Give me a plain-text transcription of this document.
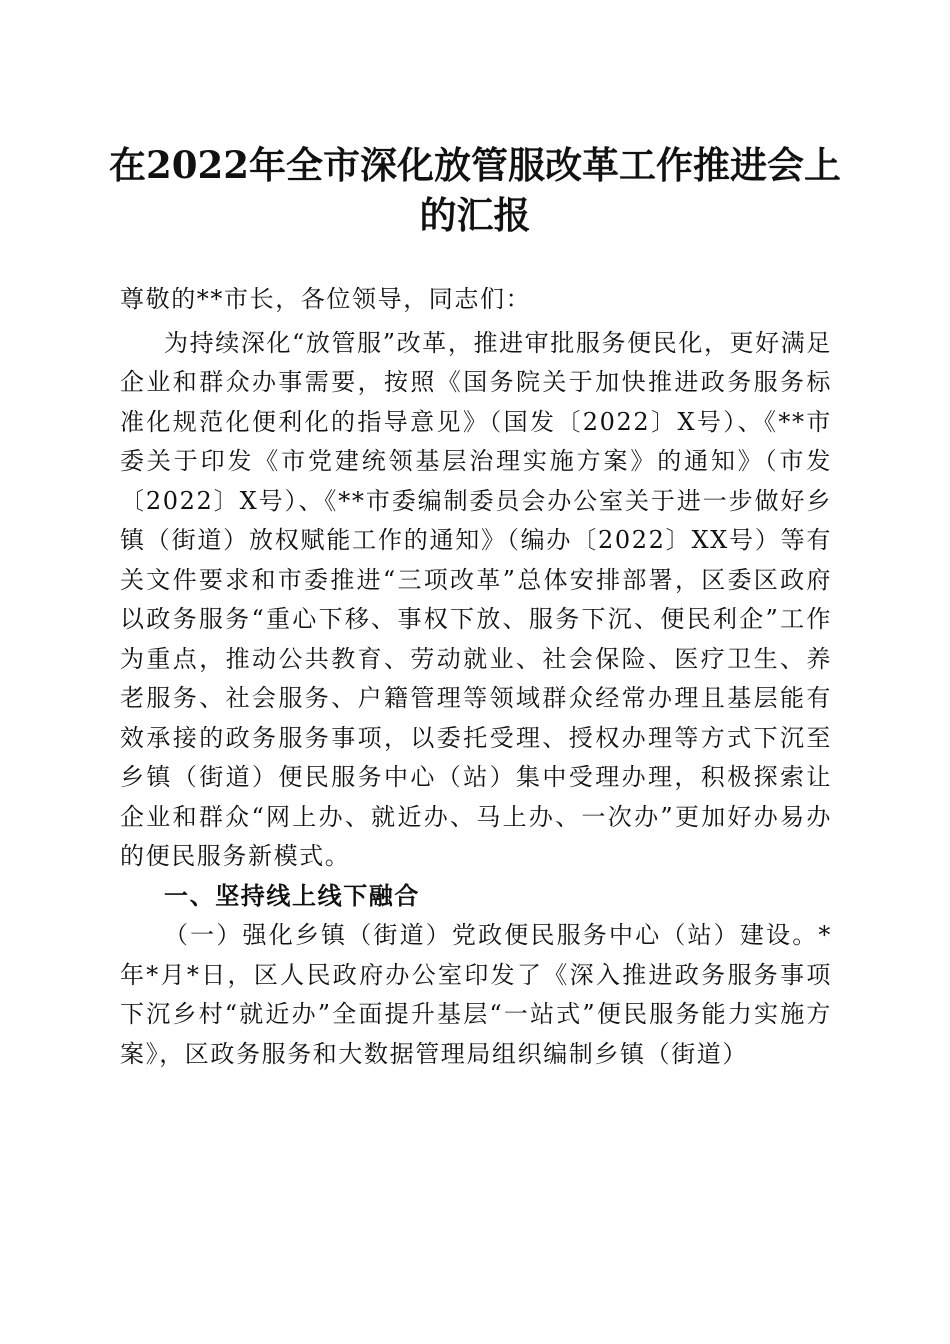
在2022年全市深化放管服改革工作推进会上
的汇报

尊敬的**市长，各位领导，同志们：

为持续深化“放管服”改革，推进审批服务便民化，更好满足企业和群众办事需要，按照《国务院关于加快推进政务服务标准化规范化便利化的指导意见》（国发〔2022〕X号）、《**市委关于印发《市党建统领基层治理实施方案》的通知》（市发〔2022〕X号）、《**市委编制委员会办公室关于进一步做好乡镇（街道）放权赋能工作的通知》（编办〔2022〕XX号）等有关文件要求和市委推进“三项改革”总体安排部署，区委区政府以政务服务“重心下移、事权下放、服务下沉、便民利企”工作为重点，推动公共教育、劳动就业、社会保险、医疗卫生、养老服务、社会服务、户籍管理等领域群众经常办理且基层能有效承接的政务服务事项，以委托受理、授权办理等方式下沉至乡镇（街道）便民服务中心（站）集中受理办理，积极探索让企业和群众“网上办、就近办、马上办、一次办”更加好办易办的便民服务新模式。

一、坚持线上线下融合

（一）强化乡镇（街道）党政便民服务中心（站）建设。*年*月*日，区人民政府办公室印发了《深入推进政务服务事项下沉乡村“就近办”全面提升基层“一站式”便民服务能力实施方案》，区政务服务和大数据管理局组织编制乡镇（街道）
